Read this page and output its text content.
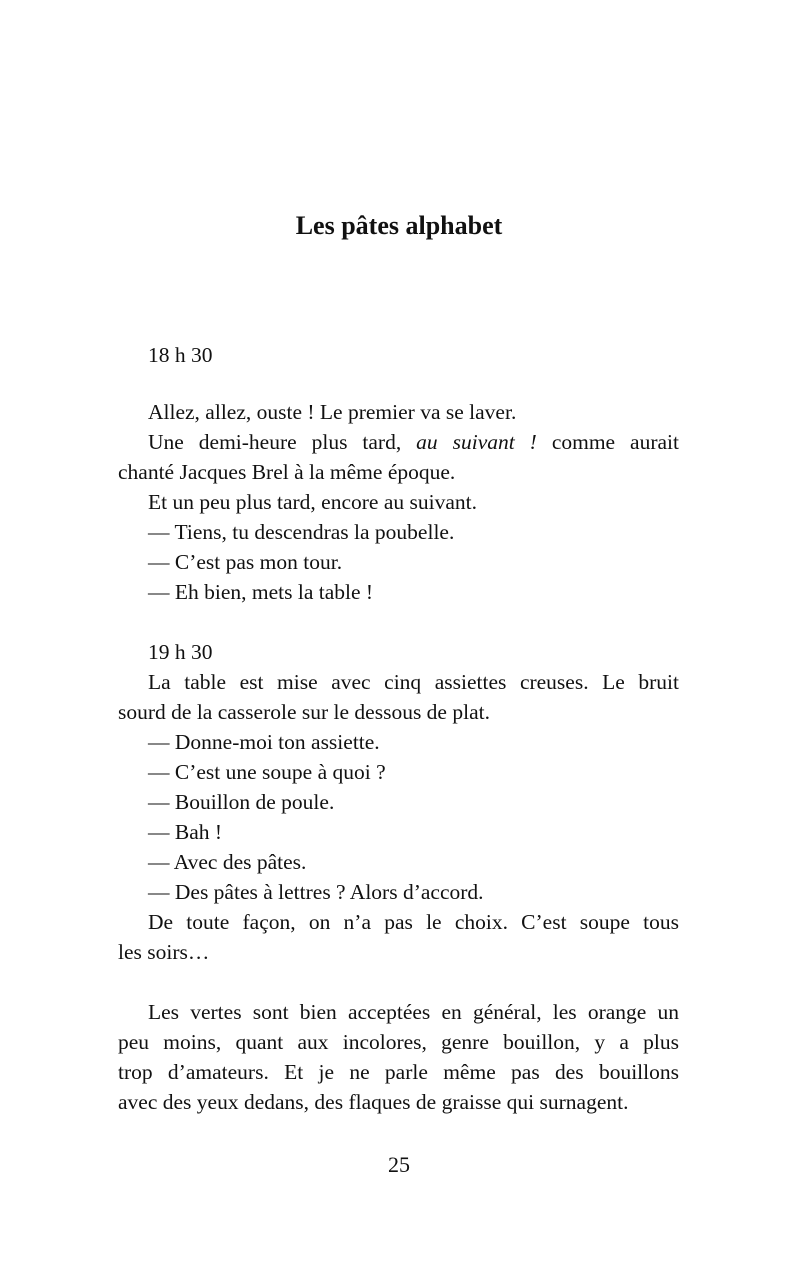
Les pâtes alphabet
18 h 30
Allez, allez, ouste ! Le premier va se laver.
Une demi-heure plus tard, au suivant ! comme aurait
chanté Jacques Brel à la même époque.
Et un peu plus tard, encore au suivant.
— Tiens, tu descendras la poubelle.
— C’est pas mon tour.
— Eh bien, mets la table !
19 h 30
La table est mise avec cinq assiettes creuses. Le bruit
sourd de la casserole sur le dessous de plat.
— Donne-moi ton assiette.
— C’est une soupe à quoi ?
— Bouillon de poule.
— Bah !
— Avec des pâtes.
— Des pâtes à lettres ? Alors d’accord.
De toute façon, on n’a pas le choix. C’est soupe tous
les soirs…
Les vertes sont bien acceptées en général, les orange un
peu moins, quant aux incolores, genre bouillon, y a plus
trop d’amateurs. Et je ne parle même pas des bouillons
avec des yeux dedans, des flaques de graisse qui surnagent.
25
